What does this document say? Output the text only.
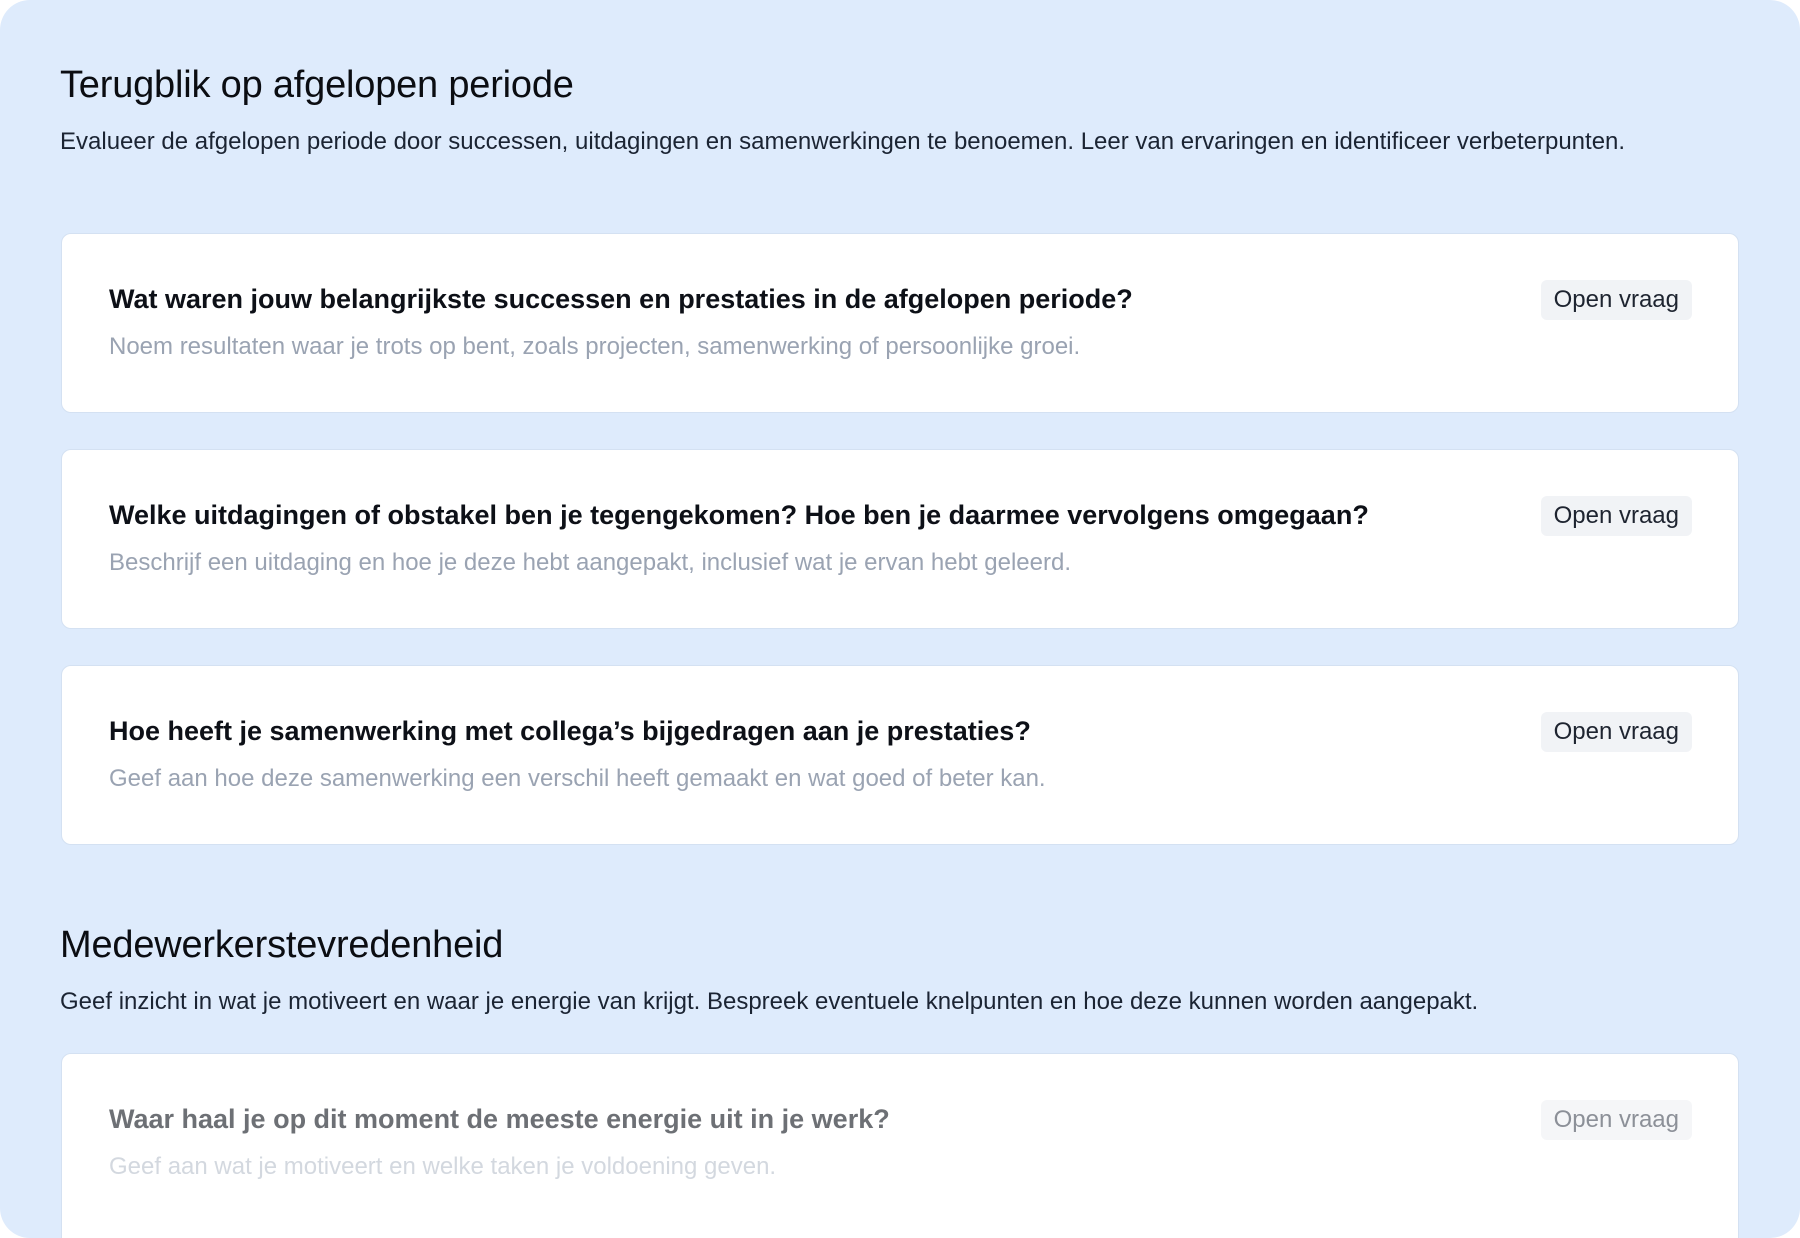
Terugblik op afgelopen periode

Evalueer de afgelopen periode door successen, uitdagingen en samenwerkingen te benoemen. Leer van ervaringen en identificeer verbeterpunten.

Wat waren jouw belangrijkste successen en prestaties in de afgelopen periode?

Noem resultaten waar je trots op bent, zoals projecten, samenwerking of persoonlijke groei.

Open vraag

Welke uitdagingen of obstakel ben je tegengekomen? Hoe ben je daarmee vervolgens omgegaan?

Beschrijf een uitdaging en hoe je deze hebt aangepakt, inclusief wat je ervan hebt geleerd.

Open vraag

Hoe heeft je samenwerking met collega’s bijgedragen aan je prestaties?

Geef aan hoe deze samenwerking een verschil heeft gemaakt en wat goed of beter kan.

Open vraag
Medewerkerstevredenheid

Geef inzicht in wat je motiveert en waar je energie van krijgt. Bespreek eventuele knelpunten en hoe deze kunnen worden aangepakt.

Waar haal je op dit moment de meeste energie uit in je werk?

Geef aan wat je motiveert en welke taken je voldoening geven.

Open vraag
